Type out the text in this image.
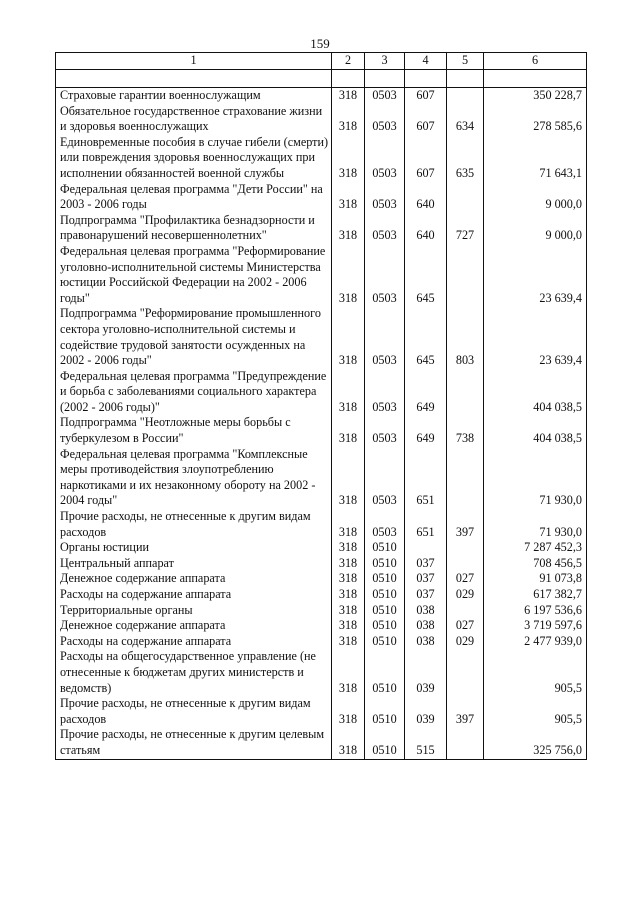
159
1	2	3	4	5	6

Страховые гарантии военнослужащим	318	0503	607		350 228,7
Обязательное государственное страхование жизни и здоровья военнослужащих	318	0503	607	634	278 585,6
Единовременные пособия в случае гибели (смерти) или повреждения здоровья военнослужащих при исполнении обязанностей военной службы	318	0503	607	635	71 643,1
Федеральная целевая программа "Дети России" на 2003 - 2006 годы	318	0503	640		9 000,0
Подпрограмма "Профилактика безнадзорности и правонарушений несовершеннолетних"	318	0503	640	727	9 000,0
Федеральная целевая программа "Реформирование уголовно-исполнительной системы Министерства юстиции Российской Федерации на 2002 - 2006 годы"	318	0503	645		23 639,4
Подпрограмма "Реформирование промышленного сектора уголовно-исполнительной системы и содействие трудовой занятости осужденных на 2002 - 2006 годы"	318	0503	645	803	23 639,4
Федеральная целевая программа "Предупреждение и борьба с заболеваниями социального характера (2002 - 2006 годы)"	318	0503	649		404 038,5
Подпрограмма "Неотложные меры борьбы с туберкулезом в России"	318	0503	649	738	404 038,5
Федеральная целевая программа "Комплексные меры противодействия злоупотреблению наркотиками и их незаконному обороту на 2002 - 2004 годы"	318	0503	651		71 930,0
Прочие расходы, не отнесенные к другим видам расходов	318	0503	651	397	71 930,0
Органы юстиции	318	0510			7 287 452,3
Центральный аппарат	318	0510	037		708 456,5
Денежное содержание аппарата	318	0510	037	027	91 073,8
Расходы на содержание аппарата	318	0510	037	029	617 382,7
Территориальные органы	318	0510	038		6 197 536,6
Денежное содержание аппарата	318	0510	038	027	3 719 597,6
Расходы на содержание аппарата	318	0510	038	029	2 477 939,0
Расходы на общегосударственное управление (не отнесенные к бюджетам других министерств и ведомств)	318	0510	039		905,5
Прочие расходы, не отнесенные к другим видам расходов	318	0510	039	397	905,5
Прочие расходы, не отнесенные к другим целевым статьям	318	0510	515		325 756,0
